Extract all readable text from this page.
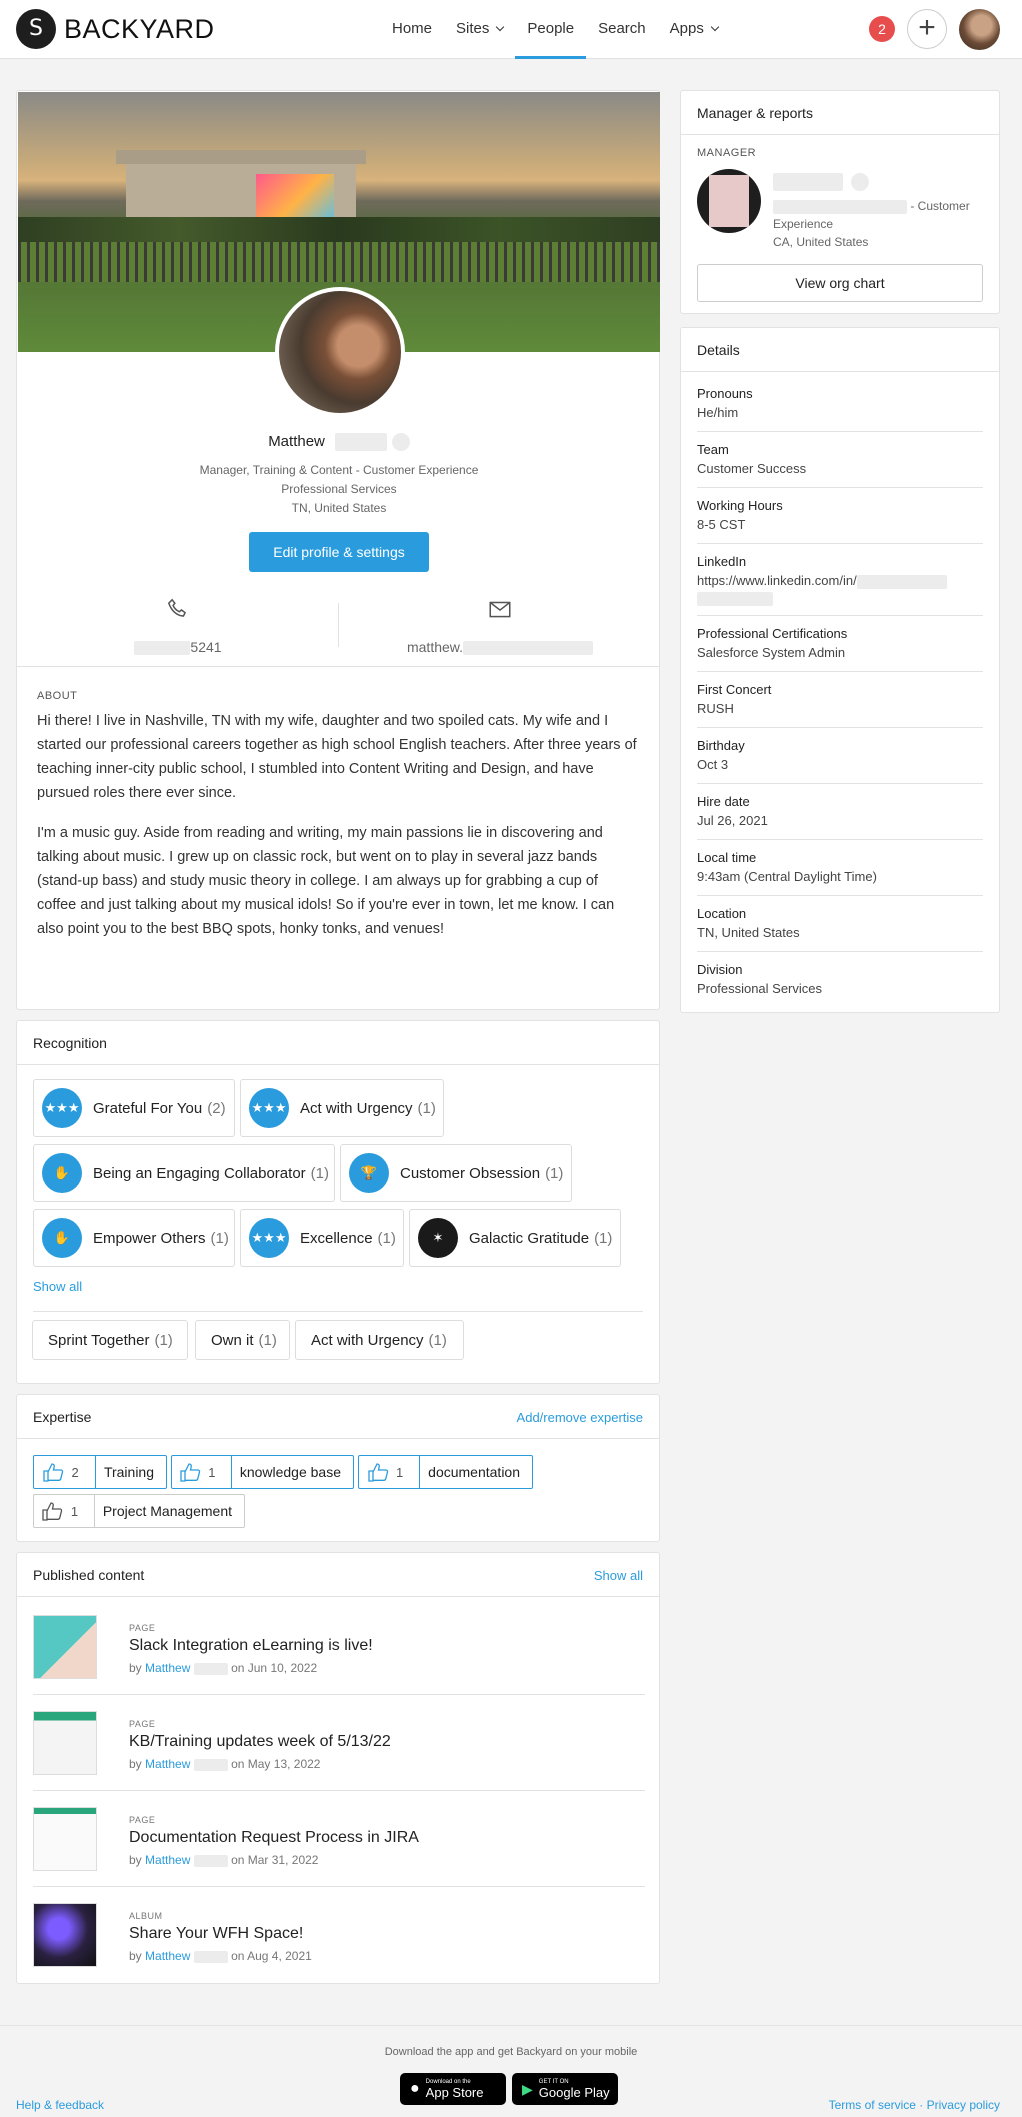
S BACKYARD	Home	Sites	People	Search	Apps	2	+
Matthew
Manager, Training & Content - Customer Experience
Professional Services
TN, United States
Edit profile & settings
5241	matthew.
ABOUT
Hi there! I live in Nashville, TN with my wife, daughter and two spoiled cats. My wife and I started our professional careers together as high school English teachers. After three years of teaching inner-city public school, I stumbled into Content Writing and Design, and have pursued roles there ever since.
I'm a music guy. Aside from reading and writing, my main passions lie in discovering and talking about music. I grew up on classic rock, but went on to play in several jazz bands (stand-up bass) and study music theory in college. I am always up for grabbing a cup of coffee and just talking about my musical idols! So if you're ever in town, let me know. I can also point you to the best BBQ spots, honky tonks, and venues!
Recognition
★★★ Grateful For You (2) ★★★ Act with Urgency (1)
✋	Being an Engaging Collaborator (1)	🏆	Customer Obsession (1)
✋	Empower Others (1) ★★★ Excellence (1)	✶	Galactic Gratitude (1)
Show all
Sprint Together (1)	Own it (1) Act with Urgency (1)
Expertise	Add/remove expertise
2	Training	1	knowledge base	1	documentation
1	Project Management
Published content	Show all
PAGE
Slack Integration eLearning is live!
by Matthew	on Jun 10, 2022
PAGE
KB/Training updates week of 5/13/22
by Matthew	on May 13, 2022
PAGE
Documentation Request Process in JIRA
by Matthew	on Mar 31, 2022
ALBUM
Share Your WFH Space!
by Matthew	on Aug 4, 2021
Manager & reports
MANAGER

- Customer
Experience
CA, United States
View org chart
Details
Pronouns
He/him
Team
Customer Success
Working Hours
8-5 CST
LinkedIn
https://www.linkedin.com/in/

Professional Certifications
Salesforce System Admin
First Concert
RUSH
Birthday
Oct 3
Hire date
Jul 26, 2021
Local time
9:43am (Central Daylight Time)
Location
TN, United States
Division
Professional Services
Download the app and get Backyard on your mobile
● Download on the
App Store	▶ GET IT ON
Google Play
Help & feedback	Terms of service · Privacy policy
